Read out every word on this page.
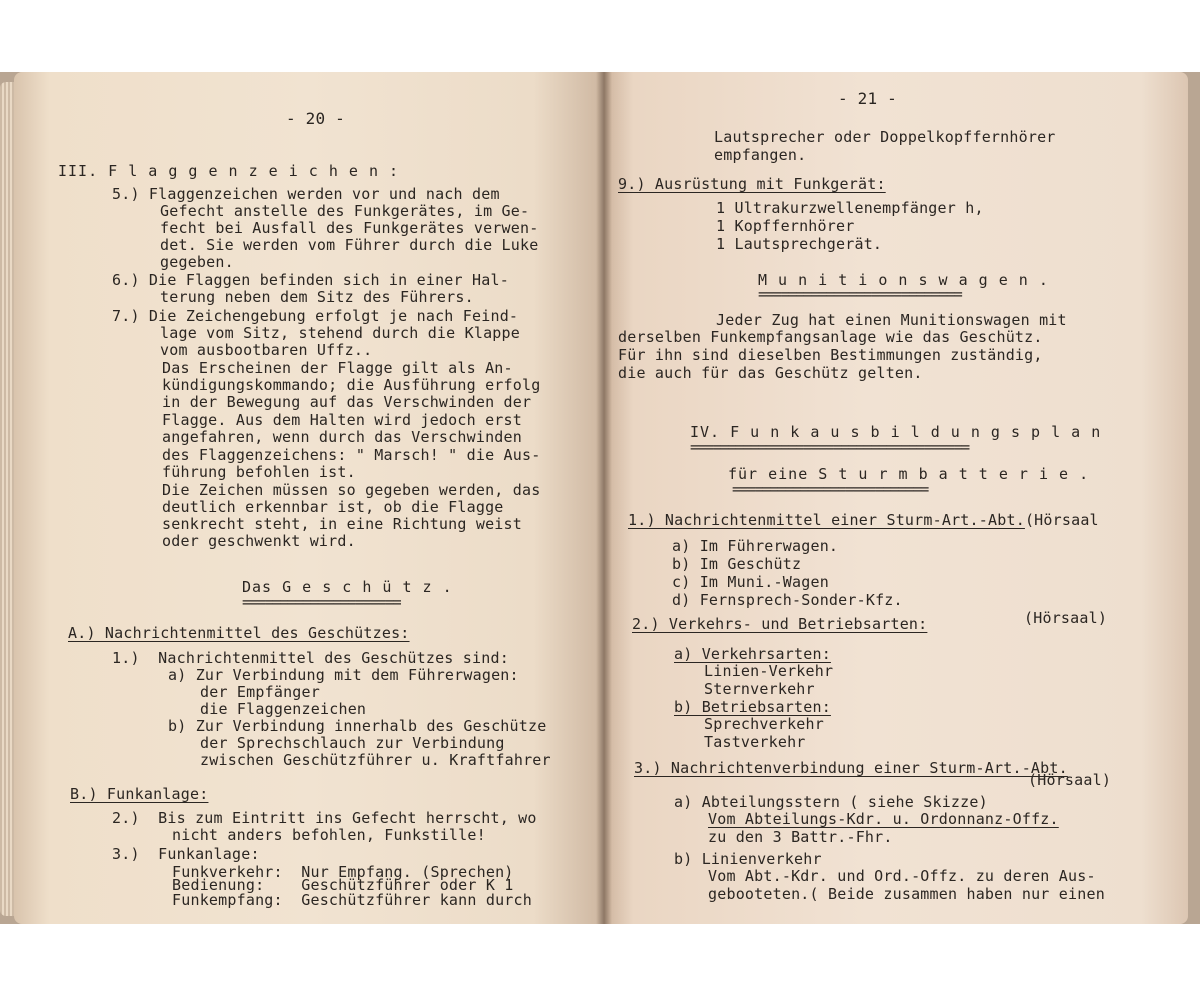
- 20 -
III. F l a g g e n z e i c h e n :
5.) Flaggenzeichen werden vor und nach dem
Gefecht anstelle des Funkgerätes, im Ge-
fecht bei Ausfall des Funkgerätes verwen-
det. Sie werden vom Führer durch die Luke
gegeben.
6.) Die Flaggen befinden sich in einer Hal-
terung neben dem Sitz des Führers.
7.) Die Zeichengebung erfolgt je nach Feind-
lage vom Sitz, stehend durch die Klappe
vom ausbootbaren Uffz..
Das Erscheinen der Flagge gilt als An-
kündigungskommando; die Ausführung erfolg
in der Bewegung auf das Verschwinden der
Flagge. Aus dem Halten wird jedoch erst
angefahren, wenn durch das Verschwinden
des Flaggenzeichens: " Marsch! " die Aus-
führung befohlen ist.
Die Zeichen müssen so gegeben werden, das
deutlich erkennbar ist, ob die Flagge
senkrecht steht, in eine Richtung weist
oder geschwenkt wird.
Das G e s c h ü t z .
=====================
A.) Nachrichtenmittel des Geschützes:
1.)  Nachrichtenmittel des Geschützes sind:
a) Zur Verbindung mit dem Führerwagen:
der Empfänger
die Flaggenzeichen
b) Zur Verbindung innerhalb des Geschütze
der Sprechschlauch zur Verbindung
zwischen Geschützführer u. Kraftfahrer
B.) Funkanlage:
2.)  Bis zum Eintritt ins Gefecht herrscht, wo
nicht anders befohlen, Funkstille!
3.)  Funkanlage:
Funkverkehr:  Nur Empfang. (Sprechen)
Bedienung:    Geschützführer oder K 1
Funkempfang:  Geschützführer kann durch
- 21 -
Lautsprecher oder Doppelkopffernhörer
empfangen.
9.) Ausrüstung mit Funkgerät:
1 Ultrakurzwellenempfänger h,
1 Kopffernhörer
1 Lautsprechgerät.
M u n i t i o n s w a g e n .
===========================
Jeder Zug hat einen Munitionswagen mit
derselben Funkempfangsanlage wie das Geschütz.
Für ihn sind dieselben Bestimmungen zuständig,
die auch für das Geschütz gelten.
IV. F u n k a u s b i l d u n g s p l a n
=====================================
für eine S t u r m b a t t e r i e .
==========================
1.) Nachrichtenmittel einer Sturm-Art.-Abt.(Hörsaal
a) Im Führerwagen.
b) Im Geschütz
c) Im Muni.-Wagen
d) Fernsprech-Sonder-Kfz.
2.) Verkehrs- und Betriebsarten:	(Hörsaal)
a) Verkehrsarten:
Linien-Verkehr
Sternverkehr
b) Betriebsarten:
Sprechverkehr
Tastverkehr
3.) Nachrichtenverbindung einer Sturm-Art.-Abt.
(Hörsaal)
a) Abteilungsstern ( siehe Skizze)
Vom Abteilungs-Kdr. u. Ordonnanz-Offz.
zu den 3 Battr.-Fhr.
b) Linienverkehr
Vom Abt.-Kdr. und Ord.-Offz. zu deren Aus-
gebooteten.( Beide zusammen haben nur einen
